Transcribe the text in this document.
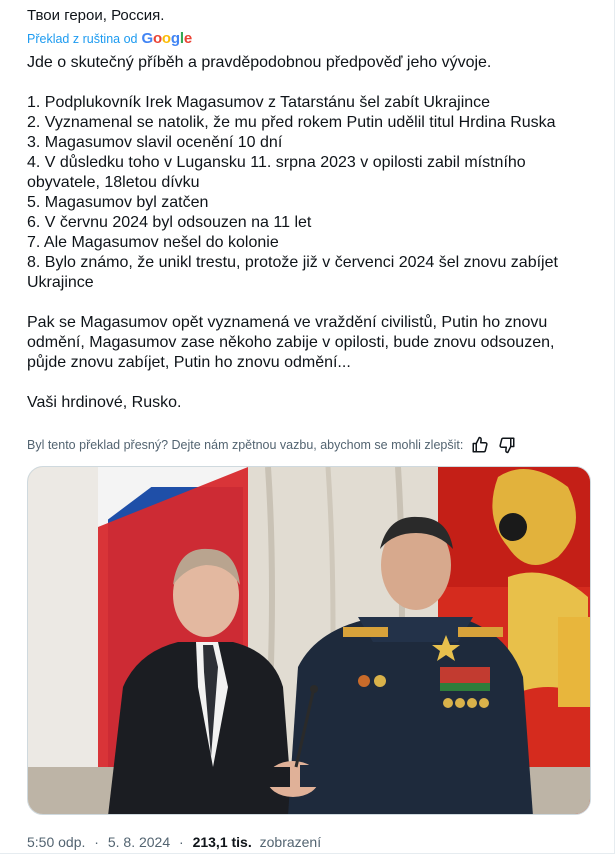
Твои герои, Россия.

Překlad z ruština od Google

Jde o skutečný příběh a pravděpodobnou předpověď jeho vývoje.
1. Podplukovník Irek Magasumov z Tatarstánu šel zabít Ukrajince
2. Vyznamenal se natolik, že mu před rokem Putin udělil titul Hrdina Ruska
3. Magasumov slavil ocenění 10 dní
4. V důsledku toho v Lugansku 11. srpna 2023 v opilosti zabil místního
obyvatele, 18letou dívku
5. Magasumov byl zatčen
6. V červnu 2024 byl odsouzen na 11 let
7. Ale Magasumov nešel do kolonie
8. Bylo známo, že unikl trestu, protože již v červenci 2024 šel znovu zabíjet
Ukrajince
Pak se Magasumov opět vyznamená ve vraždění civilistů, Putin ho znovu
odmění, Magasumov zase někoho zabije v opilosti, bude znovu odsouzen,
půjde znovu zabíjet, Putin ho znovu odmění...
Vaši hrdinové, Rusko.

Byl tento překlad přesný? Dejte nám zpětnou vazbu, abychom se mohli zlepšit:
5:50 odp. · 5. 8. 2024 · 213,1 tis. zobrazení
